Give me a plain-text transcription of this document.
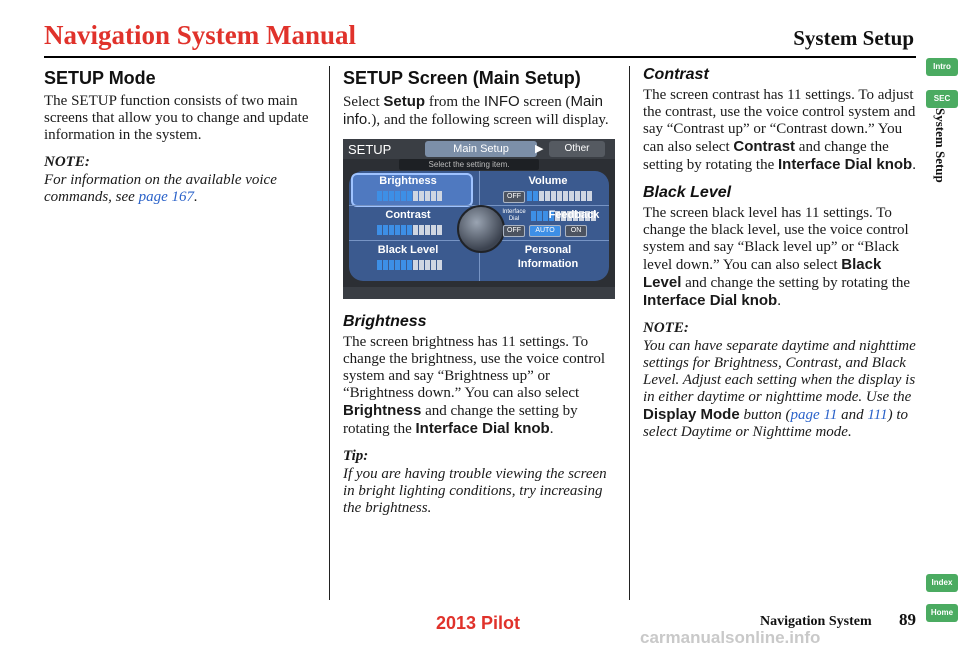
Navigation System Manual	System Setup
SETUP Mode

The SETUP function consists of two main screens that allow you to change and update information in the system.

NOTE:

For information on the available voice commands, see page 167.

SETUP Screen (Main Setup)

Select Setup from the INFO screen (Main info.), and the following screen will display.

SETUP	Main Setup	▶	Other
Select the setting item.
Brightness	Volume
OFF
Contrast	Interface Dial	Feedback
OFF	AUTO	ON
Black Level	Personal
Information
Brightness

The screen brightness has 11 settings. To change the brightness, use the voice control system and say “Brightness up” or “Brightness down.” You can also select Brightness and change the setting by rotating the Interface Dial knob.

Tip:

If you are having trouble viewing the screen in bright lighting conditions, try increasing the brightness.

Contrast

The screen contrast has 11 settings. To adjust the contrast, use the voice control system and say “Contrast up” or “Contrast down.” You can also select Contrast and change the setting by rotating the Interface Dial knob.

Black Level

The screen black level has 11 settings. To change the black level, use the voice control system and say “Black level up” or “Black level down.” You can also select Black Level and change the setting by rotating the Interface Dial knob.

NOTE:

You can have separate daytime and nighttime settings for Brightness, Contrast, and Black Level. Adjust each setting when the display is in either daytime or nighttime mode. Use the Display Mode button (page 11 and 111) to select Daytime or Nighttime mode.

Intro
SEC
System Setup
Index
Home
2013 Pilot	Navigation System 89
carmanualsonline.info
